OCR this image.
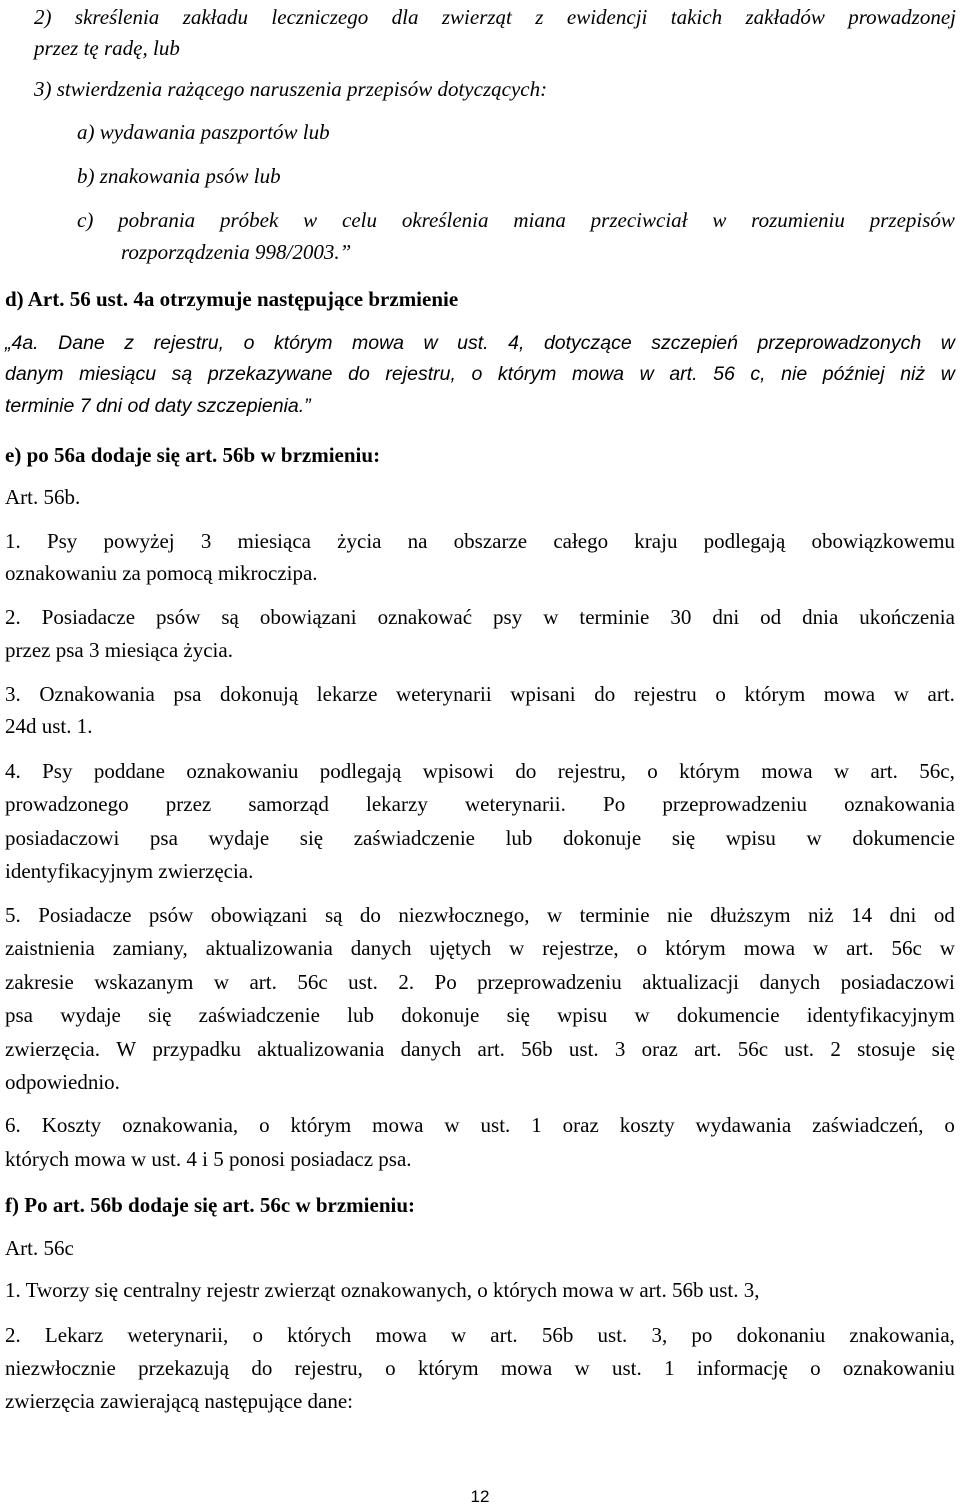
2) skreślenia zakładu leczniczego dla zwierząt z ewidencji takich zakładów prowadzonej
przez tę radę, lub
3) stwierdzenia rażącego naruszenia przepisów dotyczących:
a) wydawania paszportów lub
b) znakowania psów lub
c) pobrania próbek w celu określenia miana przeciwciał w rozumieniu przepisów
rozporządzenia 998/2003.”
d) Art. 56 ust. 4a otrzymuje następujące brzmienie
„4a. Dane z rejestru, o którym mowa w ust. 4, dotyczące szczepień przeprowadzonych w
danym miesiącu są przekazywane do rejestru, o którym mowa w art. 56 c, nie później niż w
terminie 7 dni od daty szczepienia.”
e) po 56a dodaje się art. 56b w brzmieniu:
Art. 56b.
1. Psy powyżej 3 miesiąca życia na obszarze całego kraju podlegają obowiązkowemu
oznakowaniu za pomocą mikroczipa.
2. Posiadacze psów są obowiązani oznakować psy w terminie 30 dni od dnia ukończenia
przez psa 3 miesiąca życia.
3. Oznakowania psa dokonują lekarze weterynarii wpisani do rejestru o którym mowa w art.
24d ust. 1.
4. Psy poddane oznakowaniu podlegają wpisowi do rejestru, o którym mowa w art. 56c,
prowadzonego przez samorząd lekarzy weterynarii. Po przeprowadzeniu oznakowania
posiadaczowi psa wydaje się zaświadczenie lub dokonuje się wpisu w dokumencie
identyfikacyjnym zwierzęcia.
5. Posiadacze psów obowiązani są do niezwłocznego, w terminie nie dłuższym niż 14 dni od
zaistnienia zamiany, aktualizowania danych ujętych w rejestrze, o którym mowa w art. 56c w
zakresie wskazanym w art. 56c ust. 2. Po przeprowadzeniu aktualizacji danych posiadaczowi
psa wydaje się zaświadczenie lub dokonuje się wpisu w dokumencie identyfikacyjnym
zwierzęcia. W przypadku aktualizowania danych art. 56b ust. 3 oraz art. 56c ust. 2 stosuje się
odpowiednio.
6. Koszty oznakowania, o którym mowa w ust. 1 oraz koszty wydawania zaświadczeń, o
których mowa w ust. 4 i 5 ponosi posiadacz psa.
f) Po art. 56b dodaje się art. 56c w brzmieniu:
Art. 56c
1. Tworzy się centralny rejestr zwierząt oznakowanych, o których mowa w art. 56b ust. 3,
2. Lekarz weterynarii, o których mowa w art. 56b ust. 3, po dokonaniu znakowania,
niezwłocznie przekazują do rejestru, o którym mowa w ust. 1 informację o oznakowaniu
zwierzęcia zawierającą następujące dane:
12
